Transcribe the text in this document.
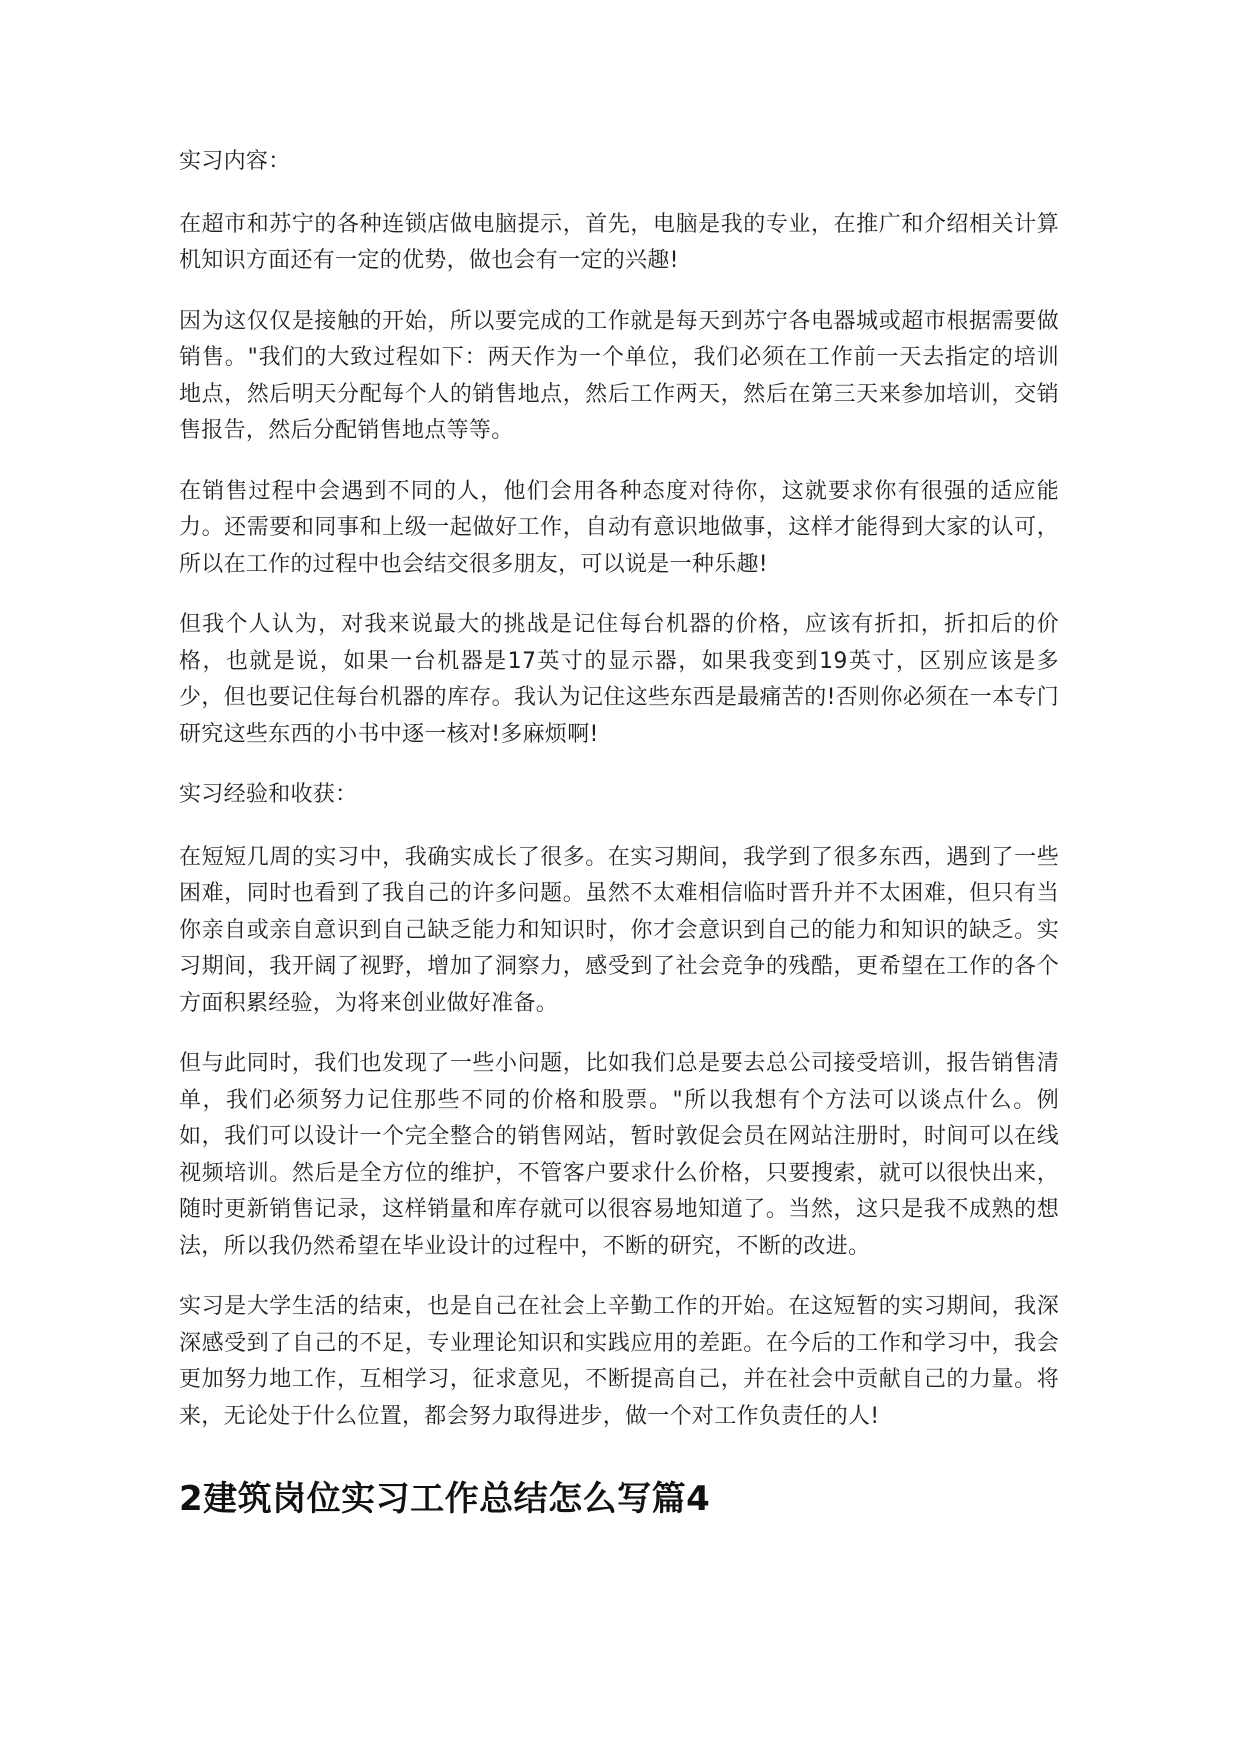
实习内容：

在超市和苏宁的各种连锁店做电脑提示，首先，电脑是我的专业，在推广和介绍相关计算机知识方面还有一定的优势，做也会有一定的兴趣!

因为这仅仅是接触的开始，所以要完成的工作就是每天到苏宁各电器城或超市根据需要做销售。"我们的大致过程如下：两天作为一个单位，我们必须在工作前一天去指定的培训地点，然后明天分配每个人的销售地点，然后工作两天，然后在第三天来参加培训，交销售报告，然后分配销售地点等等。

在销售过程中会遇到不同的人，他们会用各种态度对待你，这就要求你有很强的适应能力。还需要和同事和上级一起做好工作，自动有意识地做事，这样才能得到大家的认可，所以在工作的过程中也会结交很多朋友，可以说是一种乐趣!

但我个人认为，对我来说最大的挑战是记住每台机器的价格，应该有折扣，折扣后的价格，也就是说，如果一台机器是17英寸的显示器，如果我变到19英寸，区别应该是多少，但也要记住每台机器的库存。我认为记住这些东西是最痛苦的!否则你必须在一本专门研究这些东西的小书中逐一核对!多麻烦啊!

实习经验和收获：

在短短几周的实习中，我确实成长了很多。在实习期间，我学到了很多东西，遇到了一些困难，同时也看到了我自己的许多问题。虽然不太难相信临时晋升并不太困难，但只有当你亲自或亲自意识到自己缺乏能力和知识时，你才会意识到自己的能力和知识的缺乏。实习期间，我开阔了视野，增加了洞察力，感受到了社会竞争的残酷，更希望在工作的各个方面积累经验，为将来创业做好准备。

但与此同时，我们也发现了一些小问题，比如我们总是要去总公司接受培训，报告销售清单，我们必须努力记住那些不同的价格和股票。"所以我想有个方法可以谈点什么。例如，我们可以设计一个完全整合的销售网站，暂时敦促会员在网站注册时，时间可以在线视频培训。然后是全方位的维护，不管客户要求什么价格，只要搜索，就可以很快出来，随时更新销售记录，这样销量和库存就可以很容易地知道了。当然，这只是我不成熟的想法，所以我仍然希望在毕业设计的过程中，不断的研究，不断的改进。

实习是大学生活的结束，也是自己在社会上辛勤工作的开始。在这短暂的实习期间，我深深感受到了自己的不足，专业理论知识和实践应用的差距。在今后的工作和学习中，我会更加努力地工作，互相学习，征求意见，不断提高自己，并在社会中贡献自己的力量。将来，无论处于什么位置，都会努力取得进步，做一个对工作负责任的人!

2建筑岗位实习工作总结怎么写篇4
